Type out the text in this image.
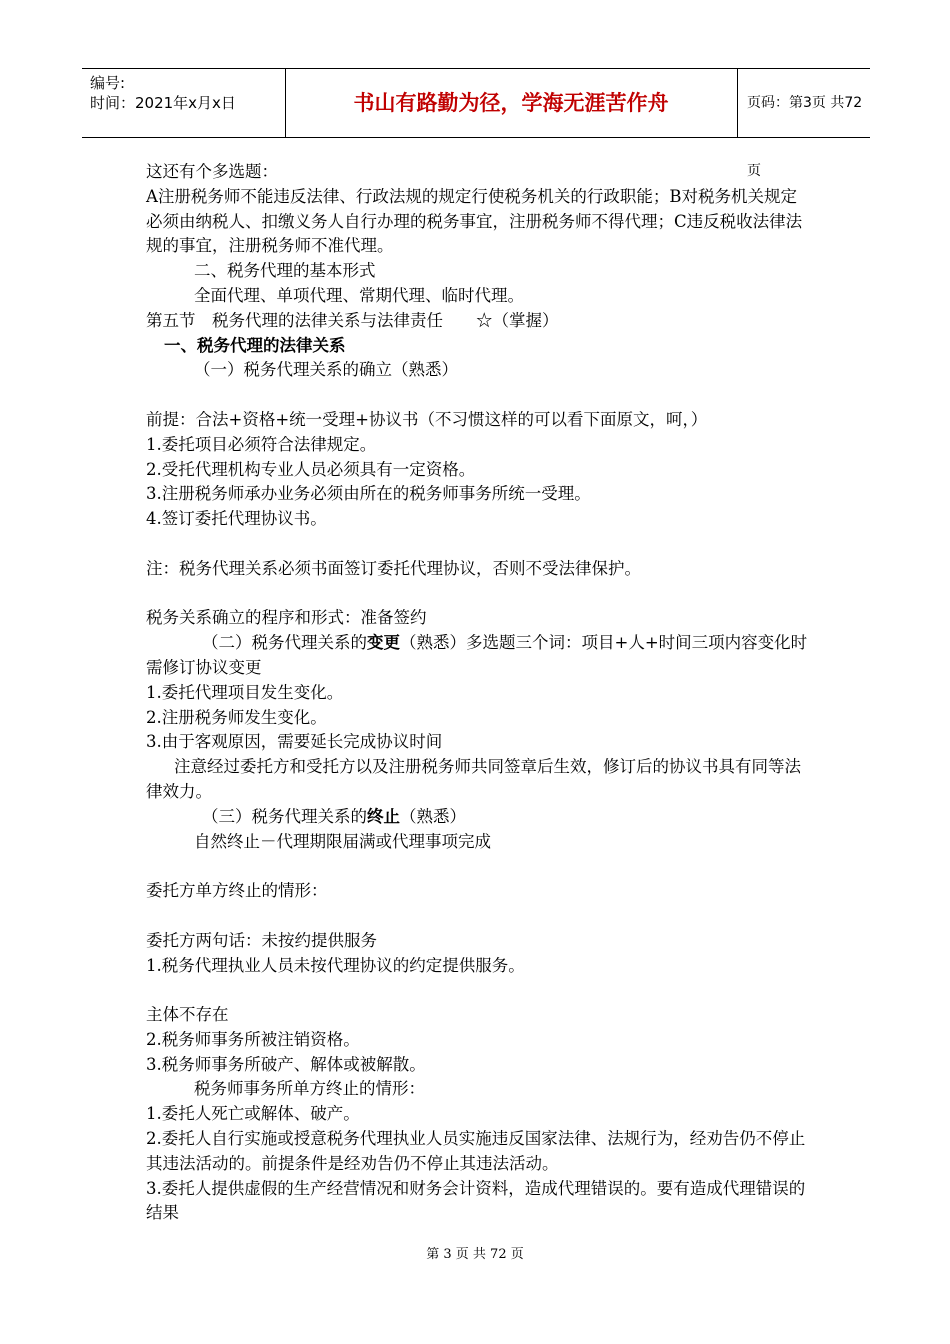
编号:
时间：2021年x月x日	书山有路勤为径，学海无涯苦作舟	页码：第3页 共72页
这还有个多选题：
A注册税务师不能违反法律、行政法规的规定行使税务机关的行政职能；B对税务机关规定必须由纳税人、扣缴义务人自行办理的税务事宜，注册税务师不得代理；C违反税收法律法规的事宜，注册税务师不准代理。
二、税务代理的基本形式
全面代理、单项代理、常期代理、临时代理。
第五节　税务代理的法律关系与法律责任　　☆（掌握）
一、税务代理的法律关系
（一）税务代理关系的确立（熟悉）
前提：合法+资格+统一受理+协议书（不习惯这样的可以看下面原文，呵，）
1.委托项目必须符合法律规定。
2.受托代理机构专业人员必须具有一定资格。
3.注册税务师承办业务必须由所在的税务师事务所统一受理。
4.签订委托代理协议书。
注：税务代理关系必须书面签订委托代理协议，否则不受法律保护。
税务关系确立的程序和形式：准备签约
（二）税务代理关系的变更（熟悉）多选题三个词：项目+人+时间三项内容变化时需修订协议变更
1.委托代理项目发生变化。
2.注册税务师发生变化。
3.由于客观原因，需要延长完成协议时间
注意经过委托方和受托方以及注册税务师共同签章后生效，修订后的协议书具有同等法律效力。
（三）税务代理关系的终止（熟悉）
自然终止－代理期限届满或代理事项完成
委托方单方终止的情形：
委托方两句话：未按约提供服务
1.税务代理执业人员未按代理协议的约定提供服务。
主体不存在
2.税务师事务所被注销资格。
3.税务师事务所破产、解体或被解散。
税务师事务所单方终止的情形：
1.委托人死亡或解体、破产。
2.委托人自行实施或授意税务代理执业人员实施违反国家法律、法规行为，经劝告仍不停止其违法活动的。前提条件是经劝告仍不停止其违法活动。
3.委托人提供虚假的生产经营情况和财务会计资料，造成代理错误的。要有造成代理错误的结果
第 3 页 共 72 页
